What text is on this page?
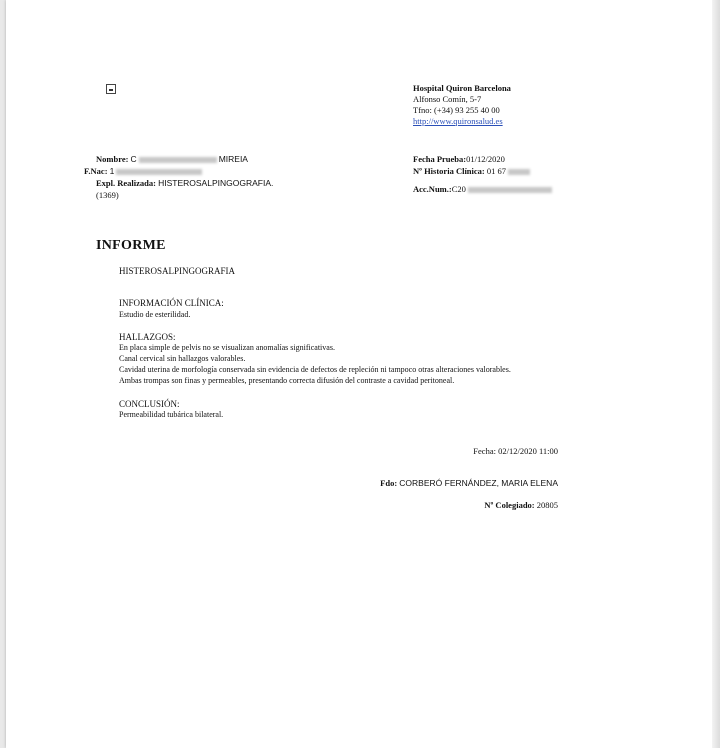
Hospital Quiron Barcelona
Alfonso Comín, 5-7
Tfno: (+34) 93 255 40 00
http://www.quironsalud.es
Nombre: C	MIREIA
F.Nac: 1
Expl. Realizada: HISTEROSALPINGOGRAFIA.
(1369)
Fecha Prueba:01/12/2020
Nº Historia Clínica: 01 67
Acc.Num.:C20
INFORME
HISTEROSALPINGOGRAFIA
INFORMACIÓN CLÍNICA:
Estudio de esterilidad.
HALLAZGOS:
En placa simple de pelvis no se visualizan anomalías significativas.
Canal cervical sin hallazgos valorables.
Cavidad uterina de morfología conservada sin evidencia de defectos de repleción ni tampoco otras alteraciones valorables.
Ambas trompas son finas y permeables, presentando correcta difusión del contraste a cavidad peritoneal.
CONCLUSIÓN:
Permeabilidad tubárica bilateral.
Fecha: 02/12/2020 11:00
Fdo: CORBERÓ FERNÁNDEZ, MARIA ELENA
Nº Colegiado: 20805
